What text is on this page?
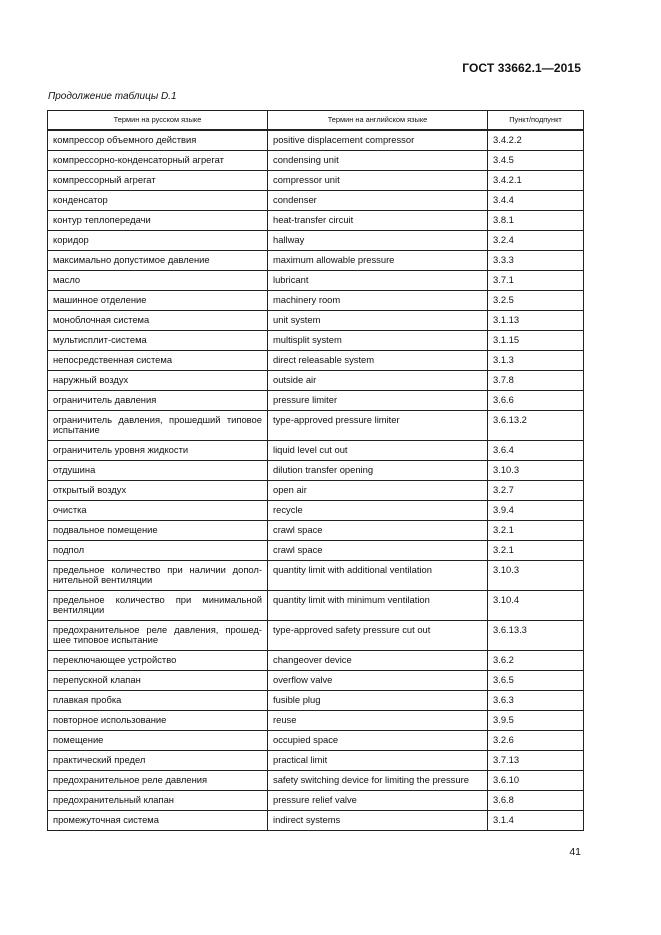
ГОСТ 33662.1—2015
Продолжение таблицы D.1
Термин на русском языке	Термин на английском языке	Пункт/подпункт
компрессор объемного действия	positive displacement compressor	3.4.2.2
компрессорно-конденсаторный агрегат	condensing unit	3.4.5
компрессорный агрегат	compressor unit	3.4.2.1
конденсатор	condenser	3.4.4
контур теплопередачи	heat-transfer circuit	3.8.1
коридор	hallway	3.2.4
максимально допустимое давление	maximum allowable pressure	3.3.3
масло	lubricant	3.7.1
машинное отделение	machinery room	3.2.5
моноблочная система	unit system	3.1.13
мультисплит-система	multisplit system	3.1.15
непосредственная система	direct releasable system	3.1.3
наружный воздух	outside air	3.7.8
ограничитель давления	pressure limiter	3.6.6
ограничитель давления, прошедший типовое испытание	type-approved pressure limiter	3.6.13.2
ограничитель уровня жидкости	liquid level cut out	3.6.4
отдушина	dilution transfer opening	3.10.3
открытый воздух	open air	3.2.7
очистка	recycle	3.9.4
подвальное помещение	crawl space	3.2.1
подпол	crawl space	3.2.1
предельное количество при наличии допол-нительной вентиляции	quantity limit with additional ventilation	3.10.3
предельное количество при минимальной вентиляции	quantity limit with minimum ventilation	3.10.4
предохранительное реле давления, прошед-шее типовое испытание	type-approved safety pressure cut out	3.6.13.3
переключающее устройство	changeover device	3.6.2
перепускной клапан	overflow valve	3.6.5
плавкая пробка	fusible plug	3.6.3
повторное использование	reuse	3.9.5
помещение	occupied space	3.2.6
практический предел	practical limit	3.7.13
предохранительное реле давления	safety switching device for limiting the pressure	3.6.10
предохранительный клапан	pressure relief valve	3.6.8
промежуточная система	indirect systems	3.1.4
41
